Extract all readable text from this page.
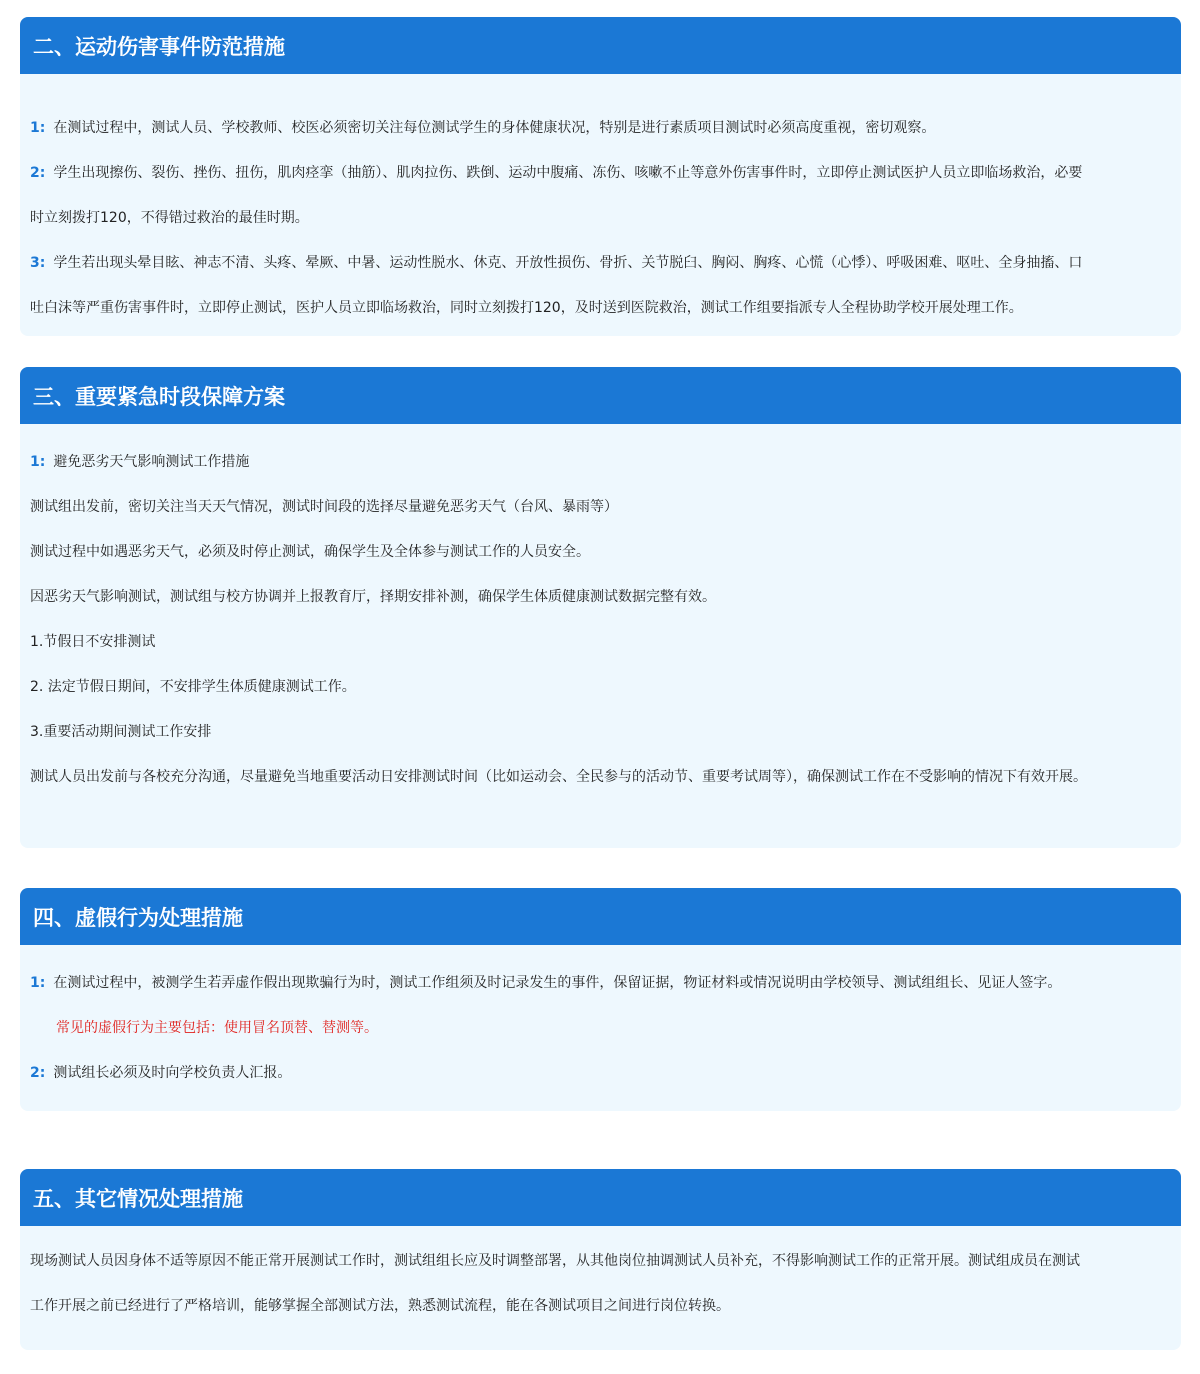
二、运动伤害事件防范措施
1: 在测试过程中，测试人员、学校教师、校医必须密切关注每位测试学生的身体健康状况，特别是进行素质项目测试时必须高度重视，密切观察。
2: 学生出现擦伤、裂伤、挫伤、扭伤，肌肉痉挛（抽筋）、肌肉拉伤、跌倒、运动中腹痛、冻伤、咳嗽不止等意外伤害事件时，立即停止测试医护人员立即临场救治，必要
时立刻拨打120，不得错过救治的最佳时期。
3: 学生若出现头晕目眩、神志不清、头疼、晕厥、中暑、运动性脱水、休克、开放性损伤、骨折、关节脱臼、胸闷、胸疼、心慌（心悸）、呼吸困难、呕吐、全身抽搐、口
吐白沫等严重伤害事件时，立即停止测试，医护人员立即临场救治，同时立刻拨打120，及时送到医院救治，测试工作组要指派专人全程协助学校开展处理工作。
三、重要紧急时段保障方案
1: 避免恶劣天气影响测试工作措施
测试组出发前，密切关注当天天气情况，测试时间段的选择尽量避免恶劣天气（台风、暴雨等）
测试过程中如遇恶劣天气，必须及时停止测试，确保学生及全体参与测试工作的人员安全。
因恶劣天气影响测试，测试组与校方协调并上报教育厅，择期安排补测，确保学生体质健康测试数据完整有效。
1.节假日不安排测试
2. 法定节假日期间，不安排学生体质健康测试工作。
3.重要活动期间测试工作安排
测试人员出发前与各校充分沟通，尽量避免当地重要活动日安排测试时间（比如运动会、全民参与的活动节、重要考试周等），确保测试工作在不受影响的情况下有效开展。
四、虚假行为处理措施
1: 在测试过程中，被测学生若弄虚作假出现欺骗行为时，测试工作组须及时记录发生的事件，保留证据，物证材料或情况说明由学校领导、测试组组长、见证人签字。
常见的虚假行为主要包括：使用冒名顶替、替测等。
2: 测试组长必须及时向学校负责人汇报。
五、其它情况处理措施
现场测试人员因身体不适等原因不能正常开展测试工作时，测试组组长应及时调整部署，从其他岗位抽调测试人员补充，不得影响测试工作的正常开展。测试组成员在测试
工作开展之前已经进行了严格培训，能够掌握全部测试方法，熟悉测试流程，能在各测试项目之间进行岗位转换。
